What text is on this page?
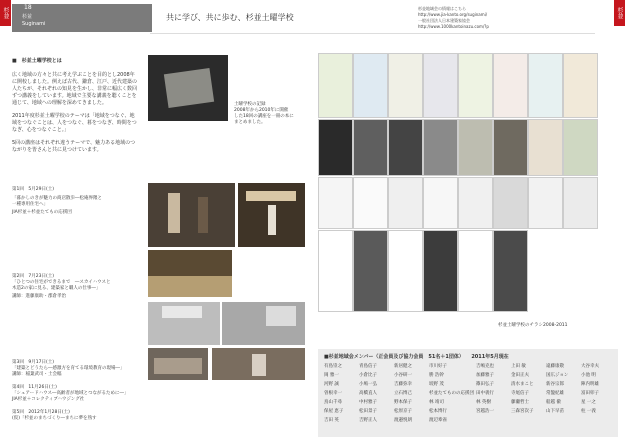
杉並	杉並
18
杉並
Suginami
共に学び、共に歩む、杉並土曜学校
杉並地域会の情報はこちら
http://www.jia-kanto.org/suginami/
一般社団法人日本建築家協会
http://www.1000kantoinazu.com/?p
■　杉並土曜学校とは

広く地域の方々と共に考え学ぶことを目的とし2008年に開校しました。例えば古代、鎌倉、江戸、近代建築の人たちが、それぞれの知見を生かし、非常に幅広く数回ずつ講義をしています。地域で主要な講義を聴くことを通じて、地域への理解を深めてきました。

2011年度杉並土曜学校のテーマは「地域をつなぐ、地域をつなぐことは、人をつなぐ、暮をつなぎ、時間をつなぎ、心をつなぐこと。」

5回の講座はそれぞれ違うテーマで、魅力ある地域のつながりを皆さんと共に見つけています。

土曜学校の記録
2008年から2010年に開催
した18回の講座を一冊の本に
まとめました。
第1回　5月29日(土)
「暮かしのきが魅力の商店散歩―松庵界隈と
一種専用住宅へ」
JIA杉並＋杉並たてもの応援団
第2回　7月23日(土)
「ひとつの住宅ができるまで　―スカイハウスと
木造2の家に見る、建築家と職人の仕事―」
講師：進藤康助・郡倉孝治
第3回　9月17日(土)
「建築とどうたら―感激方を育てる環境教育の現場―」
講師：稲葉武司・土会幅
第4回　11月26日(土)
「シェアードハウス―高齢者が地域とつながるために―」
JIA杉並＋コレクティブハウジング社
第5回　2012年1月28日(土)
(仮)「杉並のまちづくり―まちに夢を熟す
杉並土曜学校のチラシ2008-2011
■杉並地域会メンバー（正会員及び協力会員　51名＋1団体）　　2011年5月現在
有島崇之	青島信子	新居健之	市川好子	吉嶋克也	上田 敏	遠藤康敬	大谷幸夫
岡 雅一	小倉比子	小谷研一	勝 浩幹	加藤雅子	金田正夫	国広ジョン	小池 明
河野 誠	小鳩一弘	吉藤弥幸	坂野 茂	篠田弘子	清水まこと	新谷宗郎	陣内明雄
曽根幸一	高橋直人	立石博己	杉並たてものの応援団 田中義行	寺尾信子	常盤紀雄	富田卯子
鳥山千尋	中村雅子	野本保子	林 靖司	林 英樹	藤瀬哲士	船越 徹	星 一之
保屋 恵子	松田景子	松原京子	松本博行	宮越浩一	三森宮次子	山下早苗	柱 一義
吉田 英	吉野正人	渡邉悦朗	渡辺牽雀
